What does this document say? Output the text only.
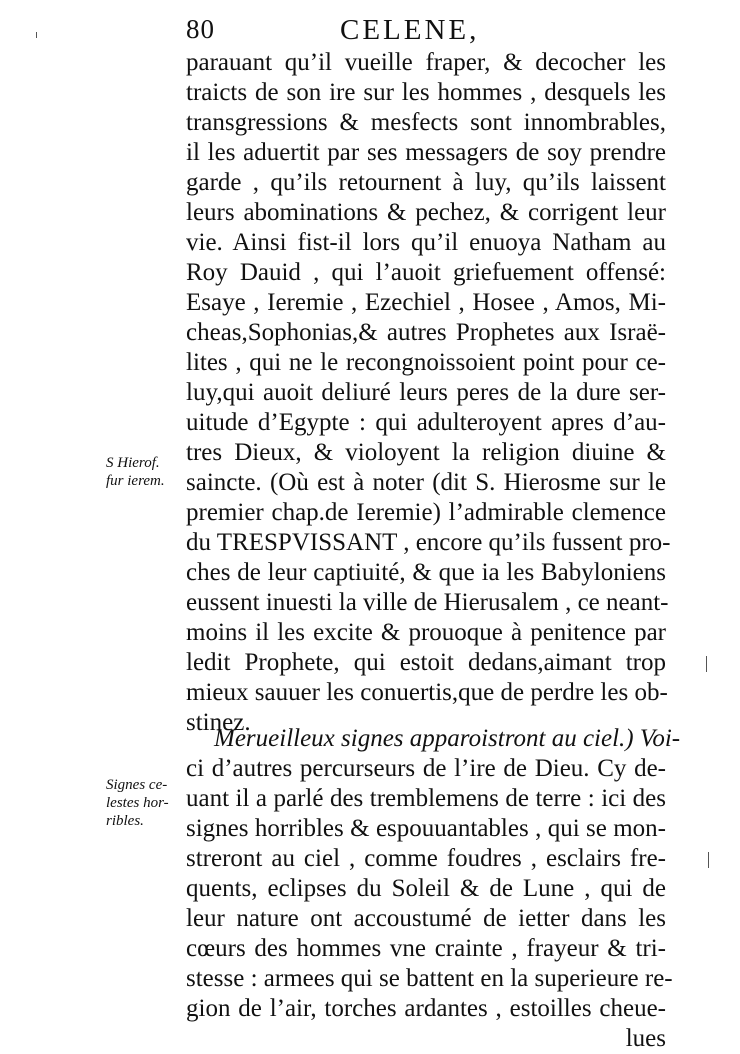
80	CELENE,
S Hierof.
fur ierem.
Signes ce-
lestes hor-
ribles.
parauant qu’il vueille fraper, & decocher les
traicts de son ire sur les hommes , desquels les
transgressions & mesfects sont innombrables,
il les aduertit par ses messagers de soy prendre
garde , qu’ils retournent à luy, qu’ils laissent
leurs abominations & pechez, & corrigent leur
vie. Ainsi fist-il lors qu’il enuoya Natham au
Roy Dauid , qui l’auoit griefuement offensé:
Esaye , Ieremie , Ezechiel , Hosee , Amos, Mi-
cheas,Sophonias,& autres Prophetes aux Israë-
lites , qui ne le recongnoissoient point pour ce-
luy,qui auoit deliuré leurs peres de la dure ser-
uitude d’Egypte : qui adulteroyent apres d’au-
tres Dieux, & violoyent la religion diuine &
saincte. (Où est à noter (dit S. Hierosme sur le
premier chap.de Ieremie) l’admirable clemence
du TRESPVISSANT , encore qu’ils fussent pro-
ches de leur captiuité, & que ia les Babyloniens
eussent inuesti la ville de Hierusalem , ce neant-
moins il les excite & prouoque à penitence par
ledit Prophete, qui estoit dedans,aimant trop
mieux sauuer les conuertis,que de perdre les ob-
stinez.
Merueilleux signes apparoistront au ciel.) Voi-
ci d’autres percurseurs de l’ire de Dieu. Cy de-
uant il a parlé des tremblemens de terre : ici des
signes horribles & espouuantables , qui se mon-
streront au ciel , comme foudres , esclairs fre-
quents, eclipses du Soleil & de Lune , qui de
leur nature ont accoustumé de ietter dans les
cœurs des hommes vne crainte , frayeur & tri-
stesse : armees qui se battent en la superieure re-
gion de l’air, torches ardantes , estoilles cheue-
lues
